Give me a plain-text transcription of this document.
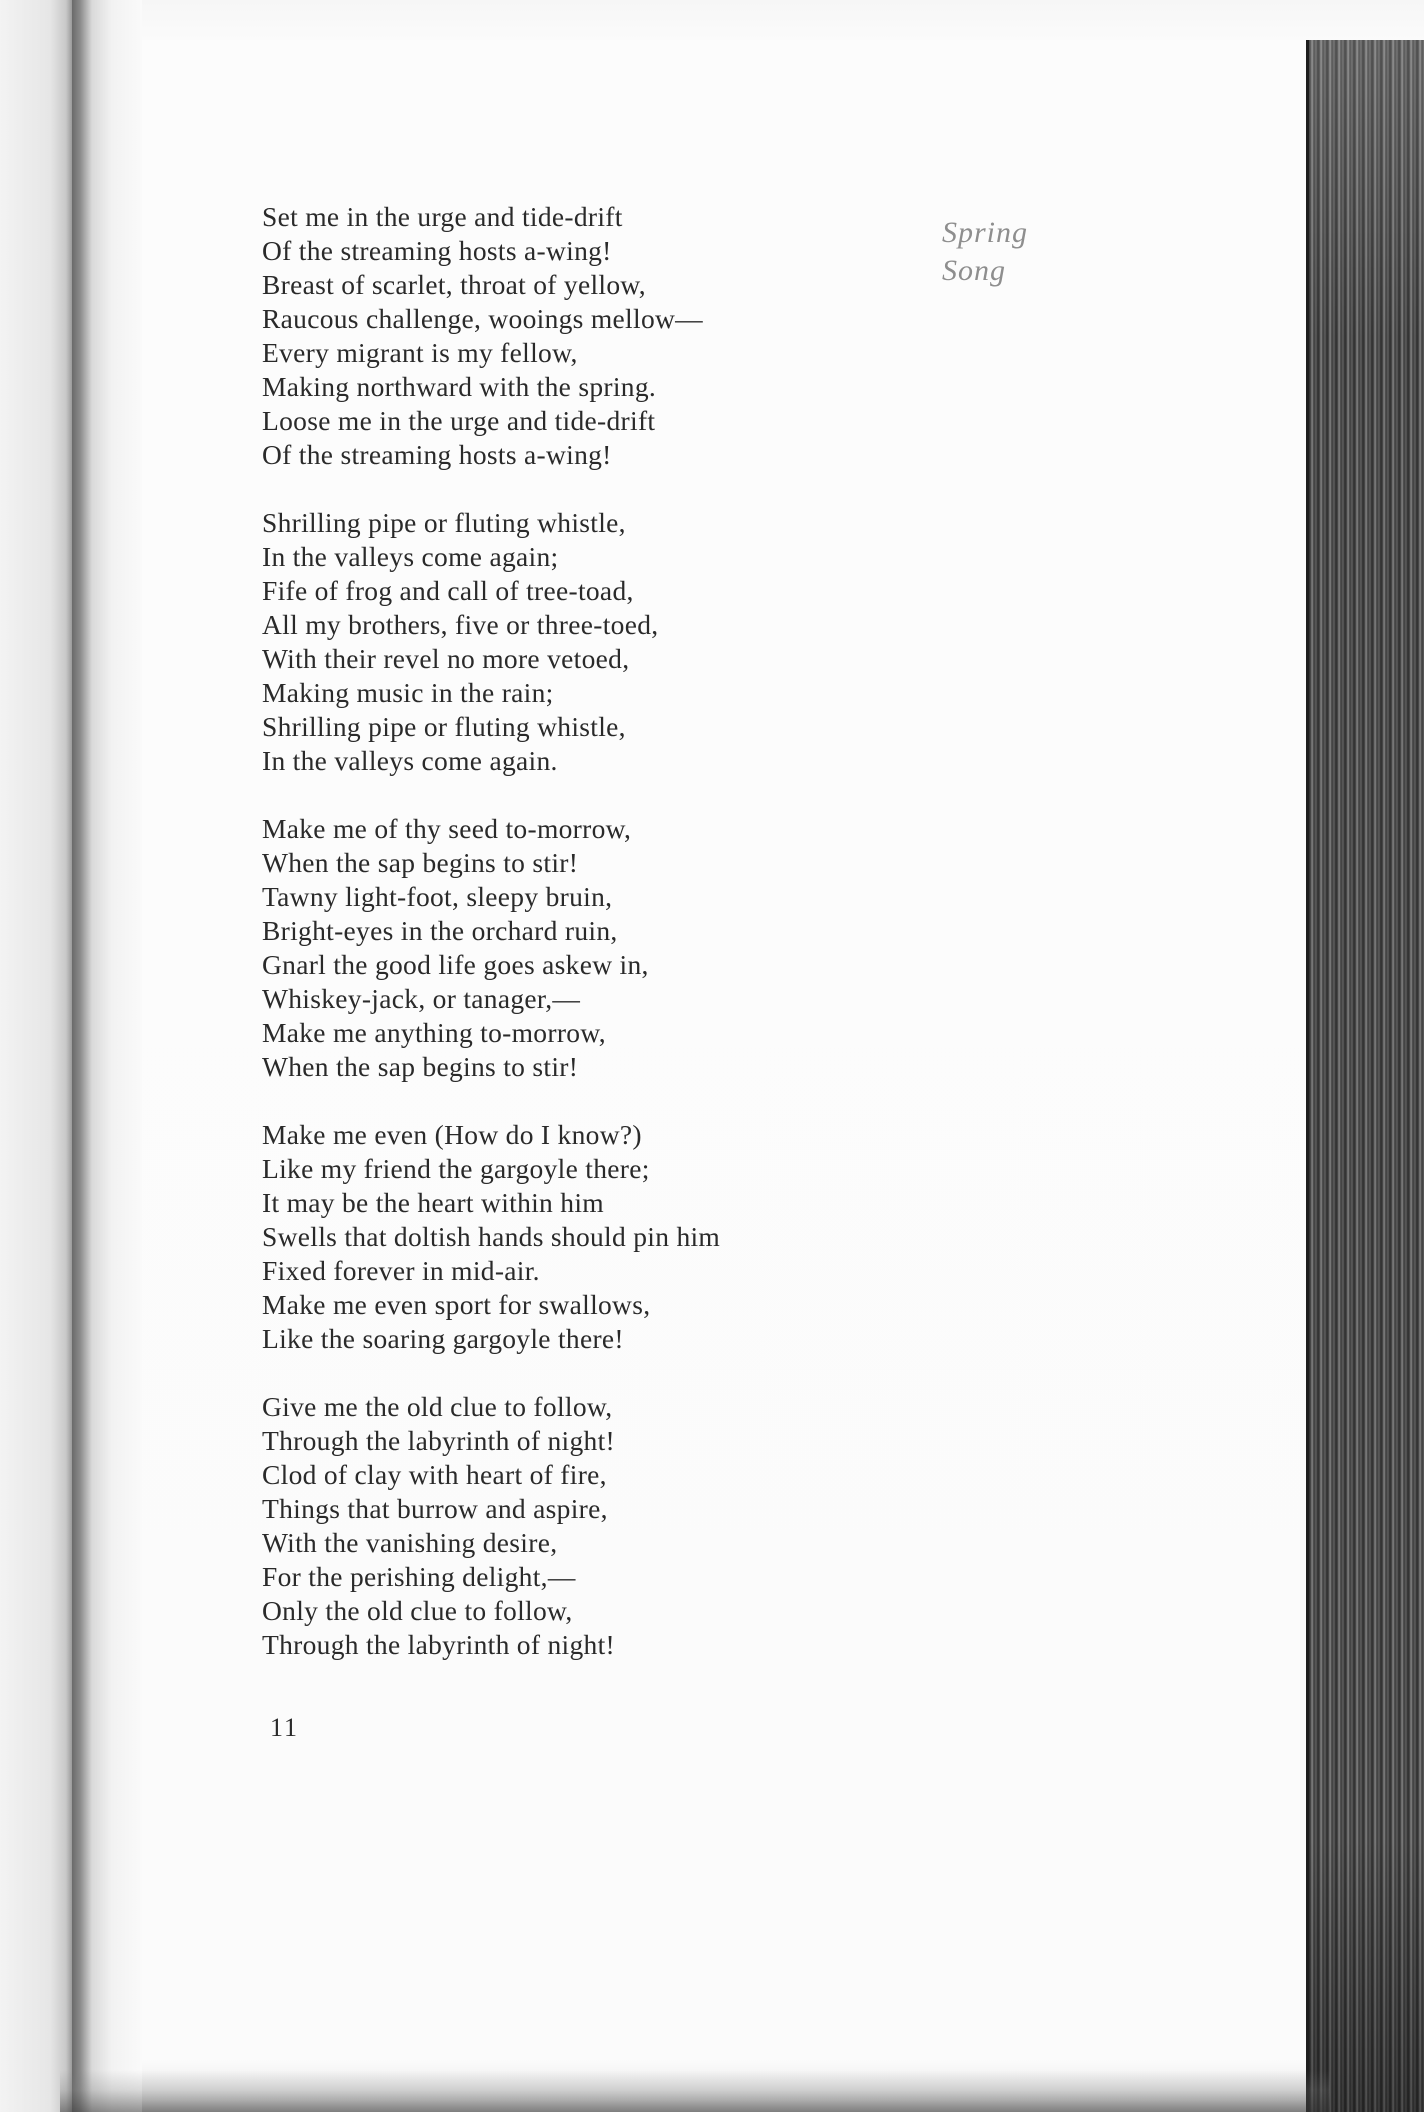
Spring
Song
Set me in the urge and tide-drift
Of the streaming hosts a-wing!
Breast of scarlet, throat of yellow,
Raucous challenge, wooings mellow—
Every migrant is my fellow,
Making northward with the spring.
Loose me in the urge and tide-drift
Of the streaming hosts a-wing!
Shrilling pipe or fluting whistle,
In the valleys come again;
Fife of frog and call of tree-toad,
All my brothers, five or three-toed,
With their revel no more vetoed,
Making music in the rain;
Shrilling pipe or fluting whistle,
In the valleys come again.
Make me of thy seed to-morrow,
When the sap begins to stir!
Tawny light-foot, sleepy bruin,
Bright-eyes in the orchard ruin,
Gnarl the good life goes askew in,
Whiskey-jack, or tanager,—
Make me anything to-morrow,
When the sap begins to stir!
Make me even (How do I know?)
Like my friend the gargoyle there;
It may be the heart within him
Swells that doltish hands should pin him
Fixed forever in mid-air.
Make me even sport for swallows,
Like the soaring gargoyle there!
Give me the old clue to follow,
Through the labyrinth of night!
Clod of clay with heart of fire,
Things that burrow and aspire,
With the vanishing desire,
For the perishing delight,—
Only the old clue to follow,
Through the labyrinth of night!
11
